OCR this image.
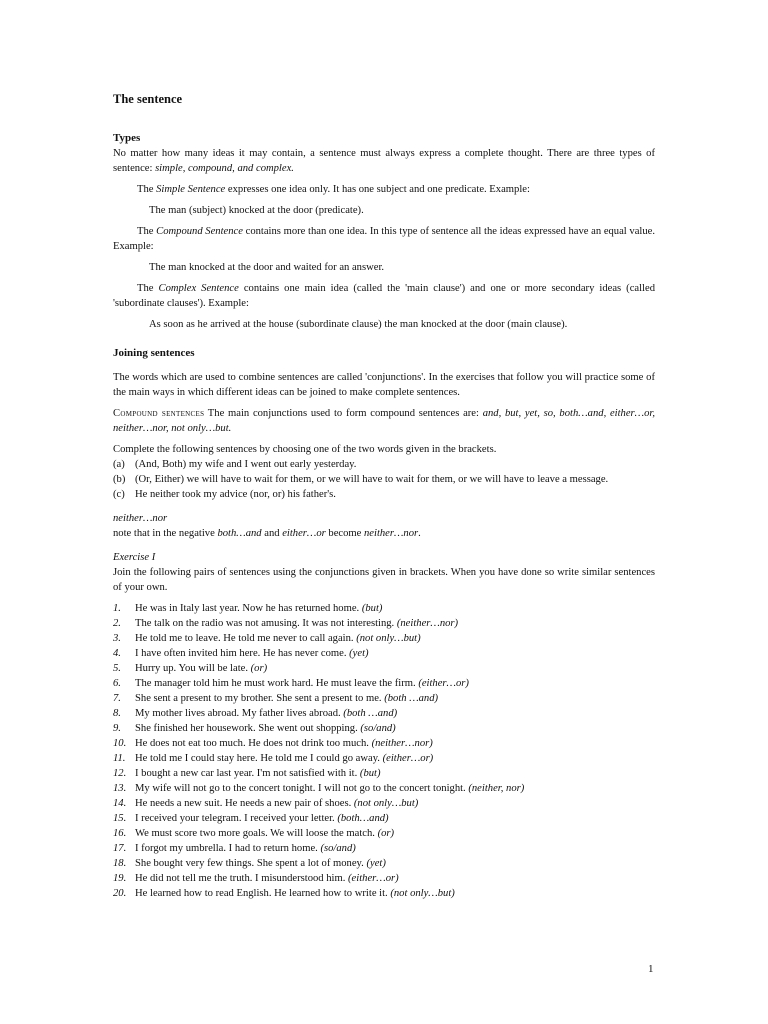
The sentence
Types

No matter how many ideas it may contain, a sentence must always express a complete thought. There are three types of sentence: simple, compound, and complex.

The Simple Sentence expresses one idea only. It has one subject and one predicate. Example:

The man (subject) knocked at the door (predicate).

The Compound Sentence contains more than one idea. In this type of sentence all the ideas expressed have an equal value. Example:

The man knocked at the door and waited for an answer.

The Complex Sentence contains one main idea (called the 'main clause') and one or more secondary ideas (called 'subordinate clauses'). Example:

As soon as he arrived at the house (subordinate clause) the man knocked at the door (main clause).

Joining sentences

The words which are used to combine sentences are called 'conjunctions'. In the exercises that follow you will practice some of the main ways in which different ideas can be joined to make complete sentences.

Compound sentences The main conjunctions used to form compound sentences are: and, but, yet, so, both…and, either…or, neither…nor, not only…but.

Complete the following sentences by choosing one of the two words given in the brackets.

(a) (And, Both) my wife and I went out early yesterday.
(b) (Or, Either) we will have to wait for them, or we will have to wait for them, or we will have to leave a message.
(c) He neither took my advice (nor, or) his father's.

neither…nor

note that in the negative both…and and either…or become neither…nor.

Exercise I

Join the following pairs of sentences using the conjunctions given in brackets. When you have done so write similar sentences of your own.

1.	He was in Italy last year. Now he has returned home. (but)
2.	The talk on the radio was not amusing. It was not interesting. (neither…nor)
3.	He told me to leave. He told me never to call again. (not only…but)
4.	I have often invited him here. He has never come. (yet)
5.	Hurry up. You will be late. (or)
6.	The manager told him he must work hard. He must leave the firm. (either…or)
7.	She sent a present to my brother. She sent a present to me. (both …and)
8.	My mother lives abroad. My father lives abroad. (both …and)
9.	She finished her housework. She went out shopping. (so/and)
10. He does not eat too much. He does not drink too much. (neither…nor)
11. He told me I could stay here. He told me I could go away. (either…or)
12. I bought a new car last year. I'm not satisfied with it. (but)
13. My wife will not go to the concert tonight. I will not go to the concert tonight. (neither, nor)
14. He needs a new suit. He needs a new pair of shoes. (not only…but)
15. I received your telegram. I received your letter. (both…and)
16. We must score two more goals. We will loose the match. (or)
17. I forgot my umbrella. I had to return home. (so/and)
18. She bought very few things. She spent a lot of money. (yet)
19. He did not tell me the truth. I misunderstood him. (either…or)
20. He learned how to read English. He learned how to write it. (not only…but)
1
